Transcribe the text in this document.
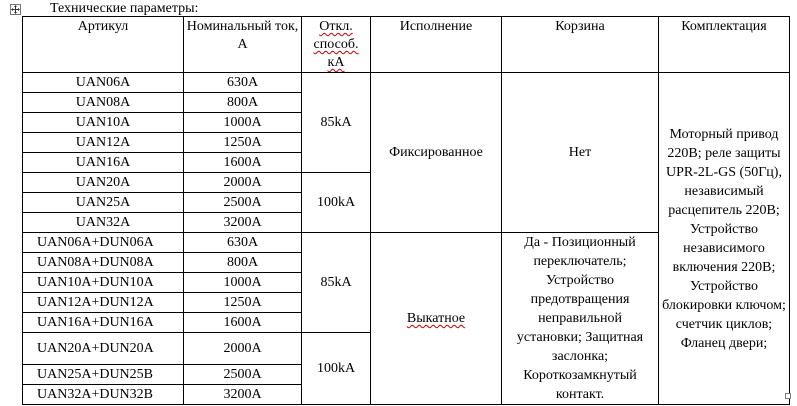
Технические параметры:
Артикул	Номинальный ток, А	Откл. способ. кА	Исполнение	Корзина	Комплектация
UAN06A	630A	85kA	Фиксированное	Нет	Моторный привод 220В; реле защиты UPR-2L-GS (50Гц), независимый расцепитель 220В; Устройство независимого включения 220В; Устройство блокировки ключом; счетчик циклов; Фланец двери;
UAN08A	800A				
UAN10A	1000A				
UAN12A	1250A				
UAN16A	1600A				
UAN20A	2000A	100kA			
UAN25A	2500A				
UAN32A	3200A				
UAN06A+DUN06A	630A	85kA	Выкатное	Да - Позиционный переключатель; Устройство предотвращения неправильной установки; Защитная заслонка; Короткозамкнутый контакт.	
UAN08A+DUN08A	800A				
UAN10A+DUN10A	1000A				
UAN12A+DUN12A	1250A				
UAN16A+DUN16A	1600A				
UAN20A+DUN20A	2000A	100kA			
UAN25A+DUN25B	2500A				
UAN32A+DUN32B	3200A				
